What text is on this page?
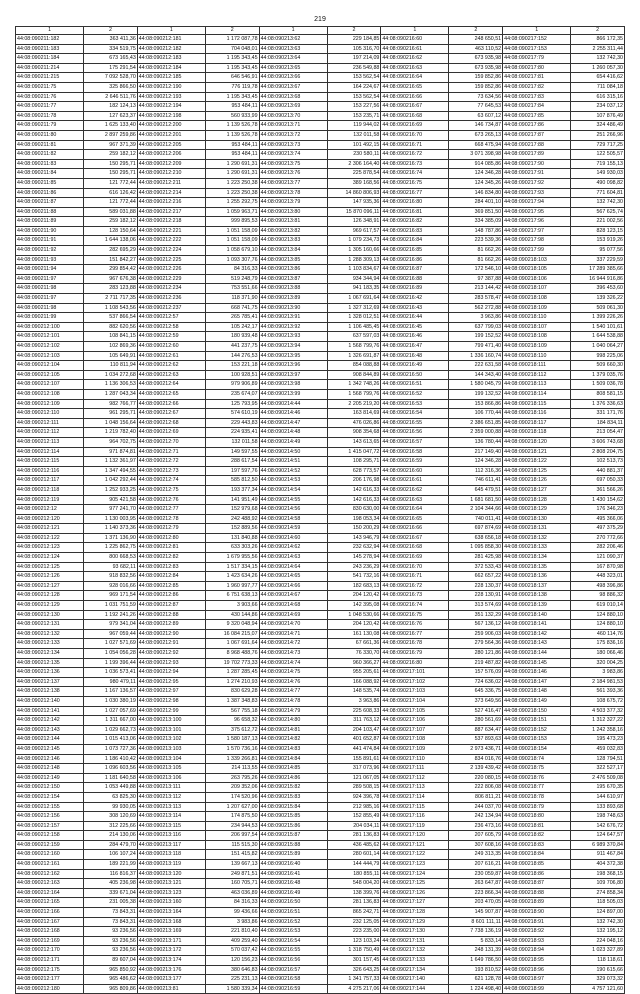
219
1	2	1	2	1	2	1	2	1	2
44:08:090211:182	363 411,36	44:08:090212:181	1 172 087,78	44:08:090213:62	229 184,85	44:08:090216:60	248 650,51	44:08:090217:152	866 172,35
44:08:090211:183	334 519,75	44:08:090212:182	704 048,01	44:08:090213:63	105 316,70	44:08:090216:61	463 110,52	44:08:090217:153	2 255 311,44
44:08:090211:184	673 165,43	44:08:090212:183	1 195 343,45	44:08:090213:64	197 214,09	44:08:090216:62	673 935,98	44:08:090217:79	132 742,30
44:08:090211:214	175 291,54	44:08:090212:184	1 195 343,45	44:08:090213:65	236 549,88	44:08:090216:63	673 935,98	44:08:090217:80	1 260 057,30
44:08:090211:215	7 092 528,70	44:08:090212:185	646 546,91	44:08:090213:66	153 562,54	44:08:090216:64	159 852,86	44:08:090217:81	654 416,62
44:08:090211:75	325 866,50	44:08:090212:190	776 119,78	44:08:090213:67	164 224,67	44:08:090216:65	159 852,86	44:08:090217:82	711 084,18
44:08:090211:76	2 646 511,76	44:08:090212:193	1 195 343,45	44:08:090213:68	153 562,54	44:08:090216:66	73 634,56	44:08:090217:83	616 315,16
44:08:090211:77	182 124,13	44:08:090212:194	953 484,11	44:08:090213:69	153 227,56	44:08:090216:67	77 645,53	44:08:090217:84	234 037,12
44:08:090211:78	127 623,37	44:08:090212:198	560 933,99	44:08:090213:70	153 235,71	44:08:090216:68	63 607,12	44:08:090217:85	107 876,49
44:08:090211:79	1 625 133,40	44:08:090212:200	1 139 526,78	44:08:090213:71	119 944,02	44:08:090216:69	146 734,87	44:08:090217:86	324 486,49
44:08:090211:80	2 897 259,86	44:08:090212:201	1 139 526,78	44:08:090213:72	132 011,58	44:08:090216:70	673 265,13	44:08:090217:87	251 266,96
44:08:090211:81	967 371,39	44:08:090212:205	953 484,11	44:08:090213:73	101 492,15	44:08:090216:71	668 475,94	44:08:090217:88	729 717,25
44:08:090211:82	259 182,12	44:08:090212:206	953 484,11	44:08:090213:74	230 580,11	44:08:090216:72	3 071 398,98	44:08:090217:89	122 505,57
44:08:090211:83	150 295,71	44:08:090212:209	1 290 691,31	44:08:090213:75	2 306 164,40	44:08:090216:73	914 085,86	44:08:090217:90	719 155,13
44:08:090211:84	150 295,71	44:08:090212:210	1 290 691,31	44:08:090213:76	225 878,54	44:08:090216:74	124 346,28	44:08:090217:91	149 930,03
44:08:090211:85	121 772,44	44:08:090212:211	1 223 250,38	44:08:090213:77	389 168,56	44:08:090216:75	124 345,26	44:08:090217:92	490 098,82
44:08:090211:86	616 126,42	44:08:090212:214	1 223 250,38	44:08:090213:78	14 860 806,93	44:08:090216:77	146 834,80	44:08:090217:93	771 604,81
44:08:090211:87	121 772,44	44:08:090212:216	1 255 292,75	44:08:090213:79	147 935,36	44:08:090216:80	284 401,10	44:08:090217:94	132 742,30
44:08:090211:88	589 031,88	44:08:090212:217	1 059 963,71	44:08:090213:80	15 870 096,11	44:08:090216:81	369 851,50	44:08:090217:95	567 625,74
44:08:090211:89	259 182,12	44:08:090212:218	999 895,53	44:08:090213:81	126 348,91	44:08:090216:82	334 385,09	44:08:090217:96	221 002,56
44:08:090211:90	128 150,64	44:08:090212:221	1 051 158,09	44:08:090213:82	969 617,57	44:08:090216:83	148 787,86	44:08:090217:97	828 123,15
44:08:090211:91	1 644 138,06	44:08:090212:222	1 051 158,09	44:08:090213:83	1 079 234,73	44:08:090216:84	223 539,36	44:08:090217:98	153 919,26
44:08:090211:92	282 695,29	44:08:090212:224	1 058 679,10	44:08:090213:84	1 305 160,66	44:08:090216:85	81 662,26	44:08:090217:99	95 077,56
44:08:090211:93	151 842,27	44:08:090212:225	1 093 307,76	44:08:090213:85	1 288 309,13	44:08:090216:86	81 662,26	44:08:090218:103	337 229,59
44:08:090211:94	299 854,42	44:08:090212:226	84 316,33	44:08:090213:86	1 103 834,67	44:08:090216:87	172 546,10	44:08:090218:105	17 289 385,66
44:08:090211:97	967 676,38	44:08:090212:229	519 248,79	44:08:090213:87	934 344,94	44:08:090216:88	97 387,88	44:08:090218:106	16 944 916,86
44:08:090211:98	283 123,88	44:08:090212:234	753 551,66	44:08:090213:88	941 183,35	44:08:090216:89	213 144,42	44:08:090218:107	396 453,60
44:08:090211:97	2 711 717,35	44:08:090212:236	118 371,90	44:08:090213:89	1 067 691,64	44:08:090216:42	283 578,47	44:08:090218:108	139 326,22
44:08:090211:98	1 108 543,56	44:08:090212:237	668 741,75	44:08:090213:90	1 327 312,69	44:08:090216:43	562 272,88	44:08:090218:109	509 061,30
44:08:090211:99	537 866,54	44:08:090212:57	265 785,41	44:08:090213:91	1 328 012,51	44:08:090216:44	3 963,86	44:08:090218:110	1 399 226,26
44:08:090212:100	882 620,56	44:08:090212:58	105 242,17	44:08:090213:92	1 106 485,45	44:08:090216:45	637 799,03	44:08:090218:107	1 540 101,61
44:08:090212:101	108 841,15	44:08:090212:59	180 939,48	44:08:090213:93	637 597,03	44:08:090216:46	199 152,52	44:08:090218:108	1 644 538,88
44:08:090212:102	102 869,36	44:08:090212:60	441 237,75	44:08:090213:94	1 568 799,76	44:08:090216:47	799 471,40	44:08:090218:109	1 040 064,27
44:08:090212:103	105 649,91	44:08:090212:61	144 276,53	44:08:090213:95	1 326 691,87	44:08:090216:48	1 336 160,74	44:08:090218:110	998 225,06
44:08:090212:104	110 811,94	44:08:090212:62	153 221,18	44:08:090213:96	854 088,88	44:08:090216:49	222 631,58	44:08:090218:111	509 660,30
44:08:090212:105	1 034 272,68	44:08:090212:63	100 928,51	44:08:090213:97	908 844,89	44:08:090216:50	144 343,40	44:08:090218:112	1 379 035,76
44:08:090212:107	1 136 306,53	44:08:090212:64	979 906,89	44:08:090213:98	1 342 748,26	44:08:090216:51	1 580 045,79	44:08:090218:113	1 509 036,78
44:08:090212:108	1 287 043,34	44:08:090212:65	235 674,07	44:08:090213:99	1 568 799,76	44:08:090216:52	199 132,52	44:08:090218:114	808 581,15
44:08:090212:109	982 766,77	44:08:090212:66	125 793,95	44:08:090214:44	2 205 219,20	44:08:090216:53	153 866,86	44:08:090218:115	1 376 336,63
44:08:090212:110	961 295,71	44:08:090212:67	574 610,19	44:08:090214:46	163 814,69	44:08:090216:54	106 770,44	44:08:090218:116	331 171,76
44:08:090212:111	1 048 156,64	44:08:090212:68	229 443,83	44:08:090214:47	476 026,86	44:08:090216:55	2 386 651,85	44:08:090218:117	184 834,11
44:08:090212:112	1 219 782,40	44:08:090212:69	224 935,41	44:08:090214:48	908 354,68	44:08:090216:56	2 359 000,88	44:08:090218:118	213 054,47
44:08:090212:113	964 702,75	44:08:090212:70	132 011,58	44:08:090214:49	143 613,65	44:08:090216:57	136 780,44	44:08:090218:120	3 606 743,68
44:08:090212:114	971 874,81	44:08:090212:71	149 597,55	44:08:090214:50	1 415 047,72	44:08:090216:58	217 149,40	44:08:090218:121	2 808 204,75
44:08:090212:115	1 132 361,97	44:08:090212:72	288 617,54	44:08:090214:51	108 295,71	44:08:090216:59	124 346,28	44:08:090218:122	102 513,73
44:08:090212:116	1 347 494,55	44:08:090212:73	197 597,76	44:08:090214:52	628 773,57	44:08:090216:60	112 316,36	44:08:090218:125	440 881,37
44:08:090212:117	1 042 292,44	44:08:090212:74	585 812,50	44:08:090214:53	206 176,98	44:08:090216:61	746 611,41	44:08:090218:126	697 050,33
44:08:090212:118	1 252 933,25	44:08:090212:75	193 377,34	44:08:090214:54	142 616,33	44:08:090216:62	645 479,51	44:08:090218:127	361 566,26
44:08:090212:119	905 421,58	44:08:090212:76	141 951,49	44:08:090214:55	142 616,33	44:08:090216:63	1 681 681,50	44:08:090218:128	1 430 154,62
44:08:090212:12	977 241,70	44:08:090212:77	152 979,68	44:08:090214:56	830 630,00	44:08:090216:64	2 104 344,66	44:08:090218:129	176 346,23
44:08:090212:120	1 130 003,95	44:08:090212:78	242 488,92	44:08:090214:58	198 053,34	44:08:090216:65	740 011,41	44:08:090218:130	495 366,06
44:08:090212:121	1 140 373,36	44:08:090212:79	152 889,56	44:08:090214:59	150 200,29	44:08:090216:66	697 874,69	44:08:090218:131	497 375,29
44:08:090212:122	1 371 136,90	44:08:090212:80	131 840,88	44:08:090214:60	143 946,79	44:08:090216:67	638 656,18	44:08:090218:132	270 772,66
44:08:090212:123	1 225 862,75	44:08:090212:81	633 303,26	44:08:090214:62	232 632,94	44:08:090216:68	1 095 858,30	44:08:090218:133	282 206,46
44:08:090212:124	800 668,53	44:08:090212:82	1 679 955,56	44:08:090214:63	145 278,94	44:08:090216:69	281 425,98	44:08:090218:134	121 090,37
44:08:090212:125	93 682,11	44:08:090212:83	1 517 334,15	44:08:090214:64	243 236,29	44:08:090216:70	372 533,43	44:08:090218:135	167 870,98
44:08:090212:126	918 832,56	44:08:090212:84	1 423 634,26	44:08:090214:65	541 732,16	44:08:090216:71	662 657,22	44:08:090218:136	448 323,01
44:08:090212:127	928 016,66	44:08:090212:85	1 960 997,77	44:08:090214:66	182 683,13	44:08:090216:72	228 130,37	44:08:090218:137	498 396,86
44:08:090212:128	969 171,54	44:08:090212:86	6 751 638,13	44:08:090214:67	204 120,42	44:08:090216:73	228 130,91	44:08:090218:138	98 886,32
44:08:090212:129	1 031 751,59	44:08:090212:87	3 903,66	44:08:090214:68	142 395,08	44:08:090216:74	313 574,69	44:08:090218:139	619 010,14
44:08:090212:130	1 192 241,26	44:08:090212:88	430 144,86	44:08:090214:69	1 048 530,66	44:08:090216:75	351 132,29	44:08:090218:140	124 880,10
44:08:090212:131	979 341,04	44:08:090212:89	9 320 048,94	44:08:090214:70	204 120,42	44:08:090216:76	567 136,12	44:08:090218:141	124 880,10
44:08:090212:132	967 059,44	44:08:090212:90	16 084 215,07	44:08:090214:71	161 130,08	44:08:090216:77	259 906,03	44:08:090218:142	460 114,76
44:08:090212:133	1 027 571,69	44:08:090212:91	1 067 691,64	44:08:090214:72	67 661,36	44:08:090216:78	279 564,36	44:08:090218:143	175 836,16
44:08:090212:134	1 054 056,28	44:08:090212:92	8 968 488,76	44:08:090214:73	76 330,70	44:08:090216:79	280 121,86	44:08:090218:144	180 066,46
44:08:090212:135	1 199 396,44	44:08:090212:93	19 702 773,33	44:08:090214:74	960 366,27	44:08:090216:80	219 487,82	44:08:090218:145	320 004,25
44:08:090212:136	1 036 573,41	44:08:090212:94	1 287 285,45	44:08:090214:75	955 205,61	44:08:090217:101	157 576,09	44:08:090218:146	3 983,86
44:08:090212:137	980 479,11	44:08:090212:95	1 274 210,93	44:08:090214:76	166 088,92	44:08:090217:102	724 636,02	44:08:090218:147	2 184 981,53
44:08:090212:138	1 167 136,57	44:08:090212:97	830 629,28	44:08:090214:77	148 535,74	44:08:090217:103	645 336,75	44:08:090218:148	561 393,36
44:08:090212:140	1 030 380,19	44:08:090212:98	1 387 348,83	44:08:090214:78	3 963,86	44:08:090217:104	373 649,56	44:08:090218:149	108 675,72
44:08:090212:141	1 027 057,69	44:08:090212:99	567 755,18	44:08:090214:79	225 608,33	44:08:090217:105	527 416,47	44:08:090218:150	4 503 377,32
44:08:090212:142	1 311 667,00	44:08:090213:100	96 658,32	44:08:090214:80	311 763,12	44:08:090217:106	280 561,69	44:08:090218:151	1 312 327,22
44:08:090212:143	1 029 662,73	44:08:090213:101	375 612,72	44:08:090214:81	204 103,47	44:08:090217:107	887 634,47	44:08:090218:152	1 242 358,16
44:08:090212:144	1 015 413,06	44:08:090213:102	1 580 187,13	44:08:090214:82	401 652,87	44:08:090217:108	537 893,63	44:08:090218:153	195 473,23
44:08:090212:145	1 073 727,36	44:08:090213:103	1 570 736,16	44:08:090214:83	441 474,84	44:08:090217:109	2 973 436,71	44:08:090218:154	459 032,83
44:08:090212:146	1 186 410,42	44:08:090213:104	1 339 266,81	44:08:090214:84	155 891,61	44:08:090217:110	834 016,76	44:08:090218:74	128 794,51
44:08:090212:148	1 096 603,56	44:08:090213:105	214 113,55	44:08:090214:85	317 073,96	44:08:090217:111	2 139 439,42	44:08:090218:75	322 527,17
44:08:090212:149	1 181 640,58	44:08:090213:106	263 795,26	44:08:090214:86	121 067,05	44:08:090217:112	220 080,15	44:08:090218:76	2 476 509,08
44:08:090212:150	1 053 449,88	44:08:090213:111	209 352,06	44:08:090215:82	289 508,15	44:08:090217:113	222 806,08	44:08:090218:77	195 670,35
44:08:090212:154	63 825,30	44:08:090213:112	174 520,96	44:08:090215:83	924 396,78	44:08:090217:114	806 811,21	44:08:090218:78	144 610,97
44:08:090212:155	99 930,05	44:08:090213:113	1 207 627,00	44:08:090215:84	212 985,16	44:08:090217:115	244 037,70	44:08:090218:79	133 893,68
44:08:090212:156	308 120,69	44:08:090213:114	174 875,50	44:08:090215:85	152 855,49	44:08:090217:116	242 134,94	44:08:090218:80	198 748,63
44:08:090212:157	312 225,66	44:08:090213:115	234 944,53	44:08:090215:86	204 034,11	44:08:090217:119	236 473,16	44:08:090218:81	142 676,72
44:08:090212:158	214 130,06	44:08:090213:116	206 997,54	44:08:090215:87	281 136,83	44:08:090217:120	207 605,79	44:08:090218:82	124 647,57
44:08:090212:159	284 479,70	44:08:090213:117	115 515,30	44:08:090215:88	436 485,62	44:08:090217:121	307 608,16	44:08:090218:83	6 989 370,84
44:08:090212:160	106 107,24	44:08:090213:118	151 415,82	44:08:090215:89	280 601,14	44:08:090217:122	249 313,35	44:08:090218:84	911 467,84
44:08:090212:161	189 221,99	44:08:090213:119	139 667,13	44:08:090216:40	144 444,79	44:08:090217:123	207 616,21	44:08:090218:85	404 372,38
44:08:090212:162	116 816,37	44:08:090213:120	249 871,51	44:08:090216:41	180 855,11	44:08:090217:124	230 059,87	44:08:090218:86	198 368,15
44:08:090212:163	405 236,98	44:08:090213:121	160 705,71	44:08:090216:48	548 004,20	44:08:090217:125	263 647,87	44:08:090218:87	109 706,80
44:08:090212:164	339 671,04	44:08:090213:123	463 036,89	44:08:090216:49	138 399,76	44:08:090217:126	223 866,34	44:08:090218:88	274 858,34
44:08:090212:165	231 005,38	44:08:090213:160	84 316,33	44:08:090216:50	281 136,83	44:08:090217:127	203 470,05	44:08:090218:89	118 505,03
44:08:090212:166	73 843,31	44:08:090213:164	99 436,66	44:08:090216:51	865 242,71	44:08:090217:128	145 907,87	44:08:090218:90	124 897,00
44:08:090212:167	73 843,31	44:08:090213:168	3 983,86	44:08:090216:52	232 125,05	44:08:090217:129	8 601 111,11	44:08:090218:91	132 742,30
44:08:090212:168	93 236,56	44:08:090213:169	221 810,40	44:08:090216:53	223 235,00	44:08:090217:130	7 738 136,19	44:08:090218:92	132 195,12
44:08:090212:169	93 236,56	44:08:090213:171	409 259,40	44:08:090216:54	123 103,24	44:08:090217:131	5 833,14	44:08:090218:93	224 048,16
44:08:090212:170	93 236,56	44:08:090213:172	570 037,42	44:08:090216:55	1 318 750,49	44:08:090217:132	248 131,39	44:08:090218:94	1 023 327,89
44:08:090212:171	89 607,04	44:08:090213:174	120 156,23	44:08:090216:56	301 157,45	44:08:090217:133	1 649 786,50	44:08:090218:95	118 118,61
44:08:090212:175	965 850,92	44:08:090213:176	380 646,83	44:08:090216:57	326 643,25	44:08:090217:134	193 810,52	44:08:090218:96	190 615,66
44:08:090212:177	965 486,62	44:08:090213:177	225 231,13	44:08:090216:58	1 341 757,33	44:08:090217:140	621 128,78	44:08:090218:97	329 073,32
44:08:090212:180	965 809,86	44:08:090213:81	1 580 339,34	44:08:090216:59	4 275 217,06	44:08:090217:144	1 224 498,40	44:08:090218:99	4 757 121,60
